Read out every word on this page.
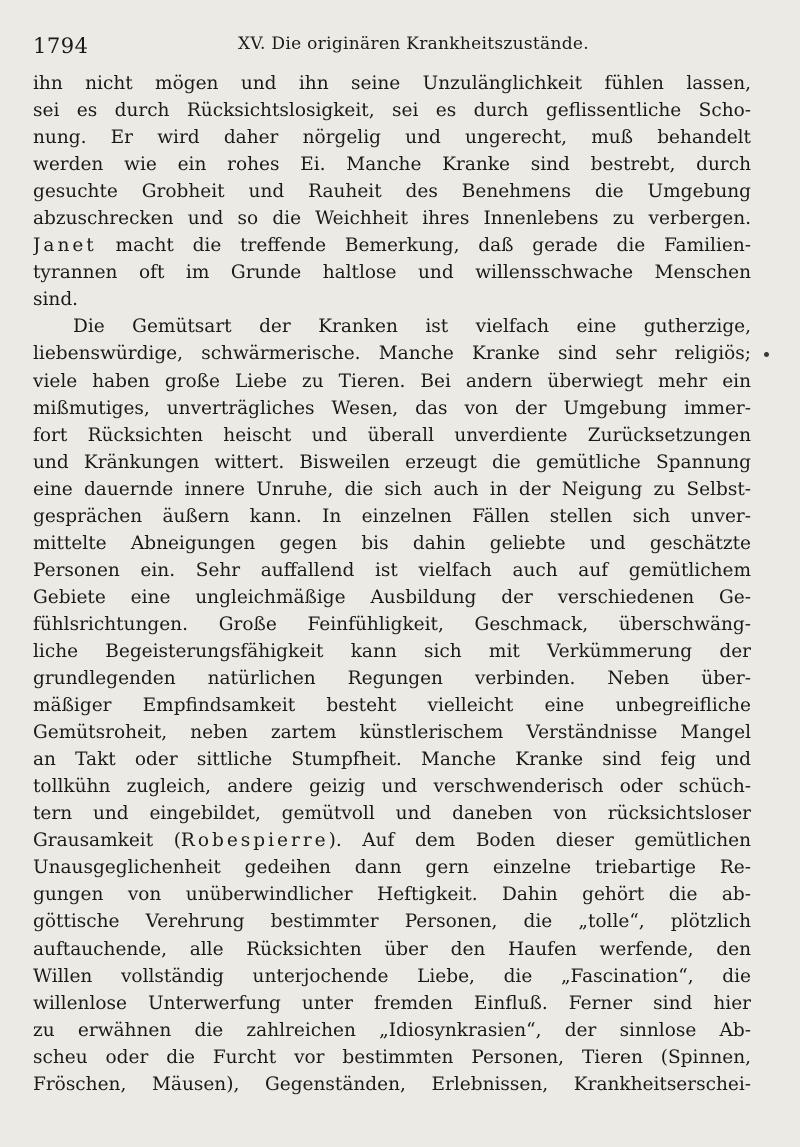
1794	XV. Die originären Krankheitszustände.
ihn nicht mögen und ihn seine Unzulänglichkeit fühlen lassen,
sei es durch Rücksichtslosigkeit, sei es durch geflissentliche Scho-
nung. Er wird daher nörgelig und ungerecht, muß behandelt
werden wie ein rohes Ei. Manche Kranke sind bestrebt, durch
gesuchte Grobheit und Rauheit des Benehmens die Umgebung
abzuschrecken und so die Weichheit ihres Innenlebens zu verbergen.
Janet macht die treffende Bemerkung, daß gerade die Familien-
tyrannen oft im Grunde haltlose und willensschwache Menschen
sind.
Die Gemütsart der Kranken ist vielfach eine gutherzige,
liebenswürdige, schwärmerische. Manche Kranke sind sehr religiös;
viele haben große Liebe zu Tieren. Bei andern überwiegt mehr ein
mißmutiges, unverträgliches Wesen, das von der Umgebung immer-
fort Rücksichten heischt und überall unverdiente Zurücksetzungen
und Kränkungen wittert. Bisweilen erzeugt die gemütliche Spannung
eine dauernde innere Unruhe, die sich auch in der Neigung zu Selbst-
gesprächen äußern kann. In einzelnen Fällen stellen sich unver-
mittelte Abneigungen gegen bis dahin geliebte und geschätzte
Personen ein. Sehr auffallend ist vielfach auch auf gemütlichem
Gebiete eine ungleichmäßige Ausbildung der verschiedenen Ge-
fühlsrichtungen. Große Feinfühligkeit, Geschmack, überschwäng-
liche Begeisterungsfähigkeit kann sich mit Verkümmerung der
grundlegenden natürlichen Regungen verbinden. Neben über-
mäßiger Empfindsamkeit besteht vielleicht eine unbegreifliche
Gemütsroheit, neben zartem künstlerischem Verständnisse Mangel
an Takt oder sittliche Stumpfheit. Manche Kranke sind feig und
tollkühn zugleich, andere geizig und verschwenderisch oder schüch-
tern und eingebildet, gemütvoll und daneben von rücksichtsloser
Grausamkeit (Robespierre). Auf dem Boden dieser gemütlichen
Unausgeglichenheit gedeihen dann gern einzelne triebartige Re-
gungen von unüberwindlicher Heftigkeit. Dahin gehört die ab-
göttische Verehrung bestimmter Personen, die „tolle“, plötzlich
auftauchende, alle Rücksichten über den Haufen werfende, den
Willen vollständig unterjochende Liebe, die „Fascination“, die
willenlose Unterwerfung unter fremden Einfluß. Ferner sind hier
zu erwähnen die zahlreichen „Idiosynkrasien“, der sinnlose Ab-
scheu oder die Furcht vor bestimmten Personen, Tieren (Spinnen,
Fröschen, Mäusen), Gegenständen, Erlebnissen, Krankheitserschei-
